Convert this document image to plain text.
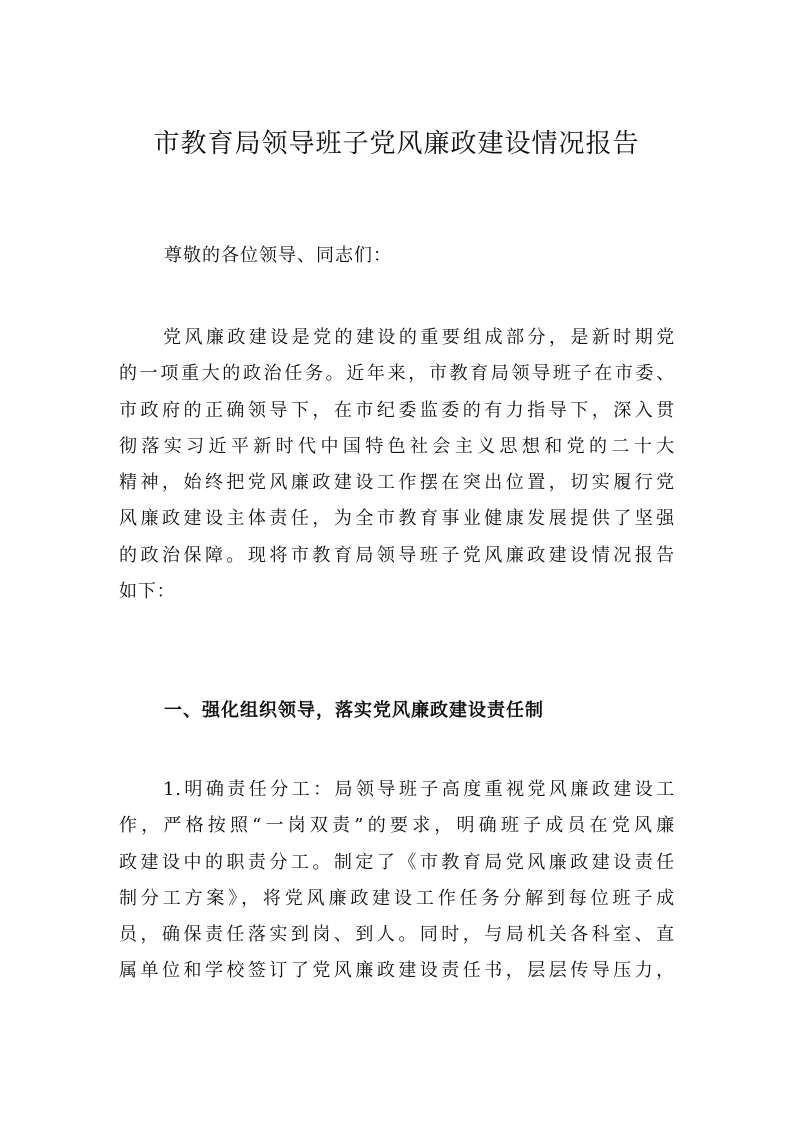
市教育局领导班子党风廉政建设情况报告

尊敬的各位领导、同志们：

党风廉政建设是党的建设的重要组成部分，是新时期党
的一项重大的政治任务。近年来，市教育局领导班子在市委、
市政府的正确领导下，在市纪委监委的有力指导下，深入贯
彻落实习近平新时代中国特色社会主义思想和党的二十大
精神，始终把党风廉政建设工作摆在突出位置，切实履行党
风廉政建设主体责任，为全市教育事业健康发展提供了坚强
的政治保障。现将市教育局领导班子党风廉政建设情况报告
如下：
一、强化组织领导，落实党风廉政建设责任制
1.明确责任分工：局领导班子高度重视党风廉政建设工
作，严格按照“一岗双责”的要求，明确班子成员在党风廉
政建设中的职责分工。制定了《市教育局党风廉政建设责任
制分工方案》，将党风廉政建设工作任务分解到每位班子成
员，确保责任落实到岗、到人。同时，与局机关各科室、直
属单位和学校签订了党风廉政建设责任书，层层传导压力，
